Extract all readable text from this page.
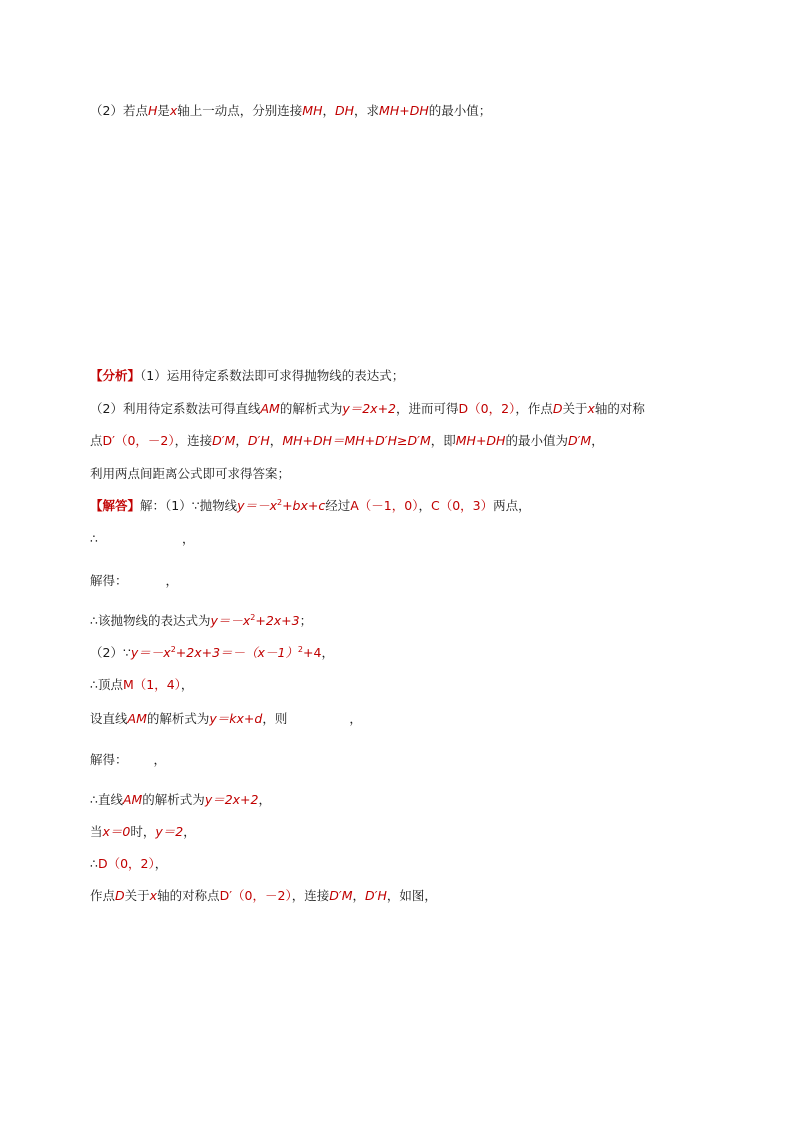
（2）若点H是x轴上一动点，分别连接MH，DH，求MH+DH的最小值；
【分析】（1）运用待定系数法即可求得抛物线的表达式；
（2）利用待定系数法可得直线AM的解析式为y＝2x+2，进而可得D（0，2），作点D关于x轴的对称
点D′（0，－2），连接D′M，D′H，MH+DH＝MH+D′H≥D′M，即MH+DH的最小值为D′M，
利用两点间距离公式即可求得答案；
【解答】解：（1）∵抛物线$y=-x^2+bx+c$经过A（－1，0），C（0，3）两点，
∴	，
解得：	，
∴该抛物线的表达式为$y=-x^2+2x+3$；
$(2)\because y=-x^2+2x+3=-(x-1)^2+4$，
∴顶点M（1，4），
设直线AM的解析式为y＝kx+d，则	，
解得： ，
∴直线AM的解析式为y＝2x+2，
当x＝0时，y＝2，
∴D（0，2），
作点D关于x轴的对称点D′（0，－2），连接D′M，D′H，如图，
